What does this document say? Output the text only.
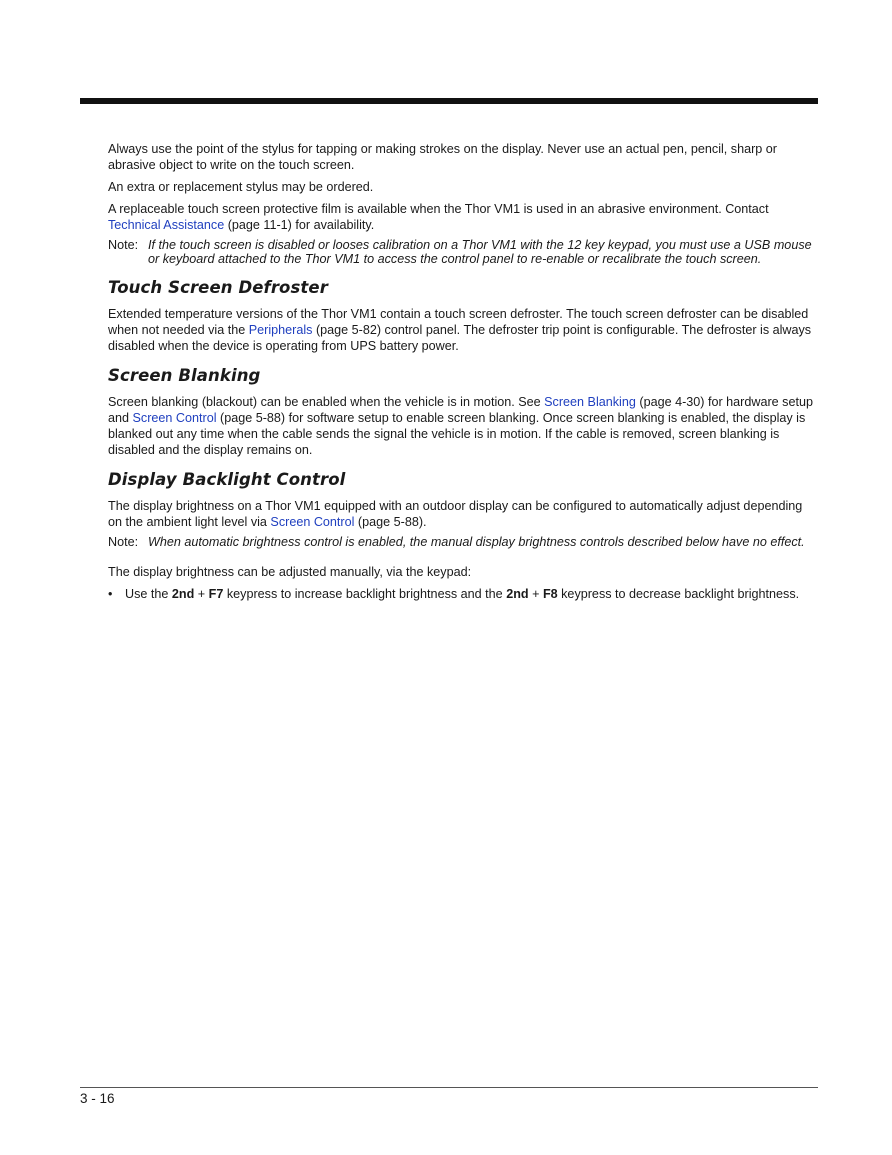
Always use the point of the stylus for tapping or making strokes on the display. Never use an actual pen, pencil, sharp or abrasive object to write on the touch screen.

An extra or replacement stylus may be ordered.

A replaceable touch screen protective film is available when the Thor VM1 is used in an abrasive environment. Contact Technical Assistance (page 11-1) for availability.

Note: If the touch screen is disabled or looses calibration on a Thor VM1 with the 12 key keypad, you must use a USB mouse or keyboard attached to the Thor VM1 to access the control panel to re-enable or recalibrate the touch screen.
Touch Screen Defroster

Extended temperature versions of the Thor VM1 contain a touch screen defroster. The touch screen defroster can be disabled when not needed via the Peripherals (page 5-82) control panel. The defroster trip point is configurable. The defroster is always disabled when the device is operating from UPS battery power.

Screen Blanking

Screen blanking (blackout) can be enabled when the vehicle is in motion. See Screen Blanking (page 4-30) for hardware setup and Screen Control (page 5-88) for software setup to enable screen blanking. Once screen blanking is enabled, the display is blanked out any time when the cable sends the signal the vehicle is in motion. If the cable is removed, screen blanking is disabled and the display remains on.

Display Backlight Control

The display brightness on a Thor VM1 equipped with an outdoor display can be configured to automatically adjust depending on the ambient light level via Screen Control (page 5-88).

Note: When automatic brightness control is enabled, the manual display brightness controls described below have no effect.

The display brightness can be adjusted manually, via the keypad:

• Use the 2nd + F7 keypress to increase backlight brightness and the 2nd + F8 keypress to decrease backlight brightness.
3 - 16
